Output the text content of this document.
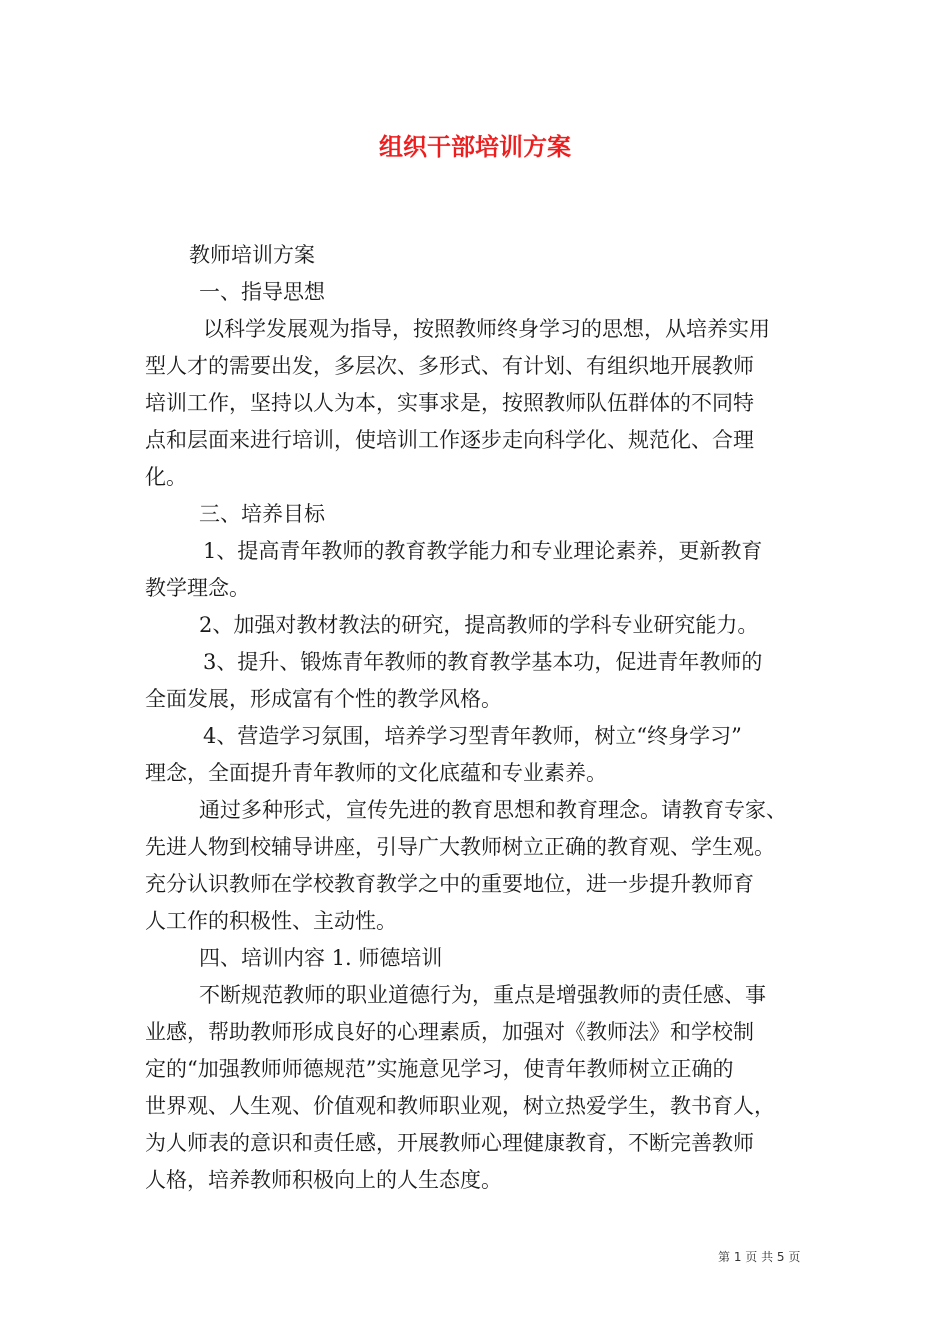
组织干部培训方案
教师培训方案
一、指导思想
以科学发展观为指导，按照教师终身学习的思想，从培养实用
型人才的需要出发，多层次、多形式、有计划、有组织地开展教师
培训工作，坚持以人为本，实事求是，按照教师队伍群体的不同特
点和层面来进行培训，使培训工作逐步走向科学化、规范化、合理
化。
三、培养目标
1、提高青年教师的教育教学能力和专业理论素养，更新教育
教学理念。
2、加强对教材教法的研究，提高教师的学科专业研究能力。
3、提升、锻炼青年教师的教育教学基本功，促进青年教师的
全面发展，形成富有个性的教学风格。
4、营造学习氛围，培养学习型青年教师，树立“终身学习”
理念，全面提升青年教师的文化底蕴和专业素养。
通过多种形式，宣传先进的教育思想和教育理念。请教育专家、
先进人物到校辅导讲座，引导广大教师树立正确的教育观、学生观。
充分认识教师在学校教育教学之中的重要地位，进一步提升教师育
人工作的积极性、主动性。
四、培训内容 1. 师德培训
不断规范教师的职业道德行为，重点是增强教师的责任感、事
业感，帮助教师形成良好的心理素质，加强对《教师法》和学校制
定的“加强教师师德规范”实施意见学习，使青年教师树立正确的
世界观、人生观、价值观和教师职业观，树立热爱学生，教书育人，
为人师表的意识和责任感，开展教师心理健康教育，不断完善教师
人格，培养教师积极向上的人生态度。
第 1 页 共 5 页
